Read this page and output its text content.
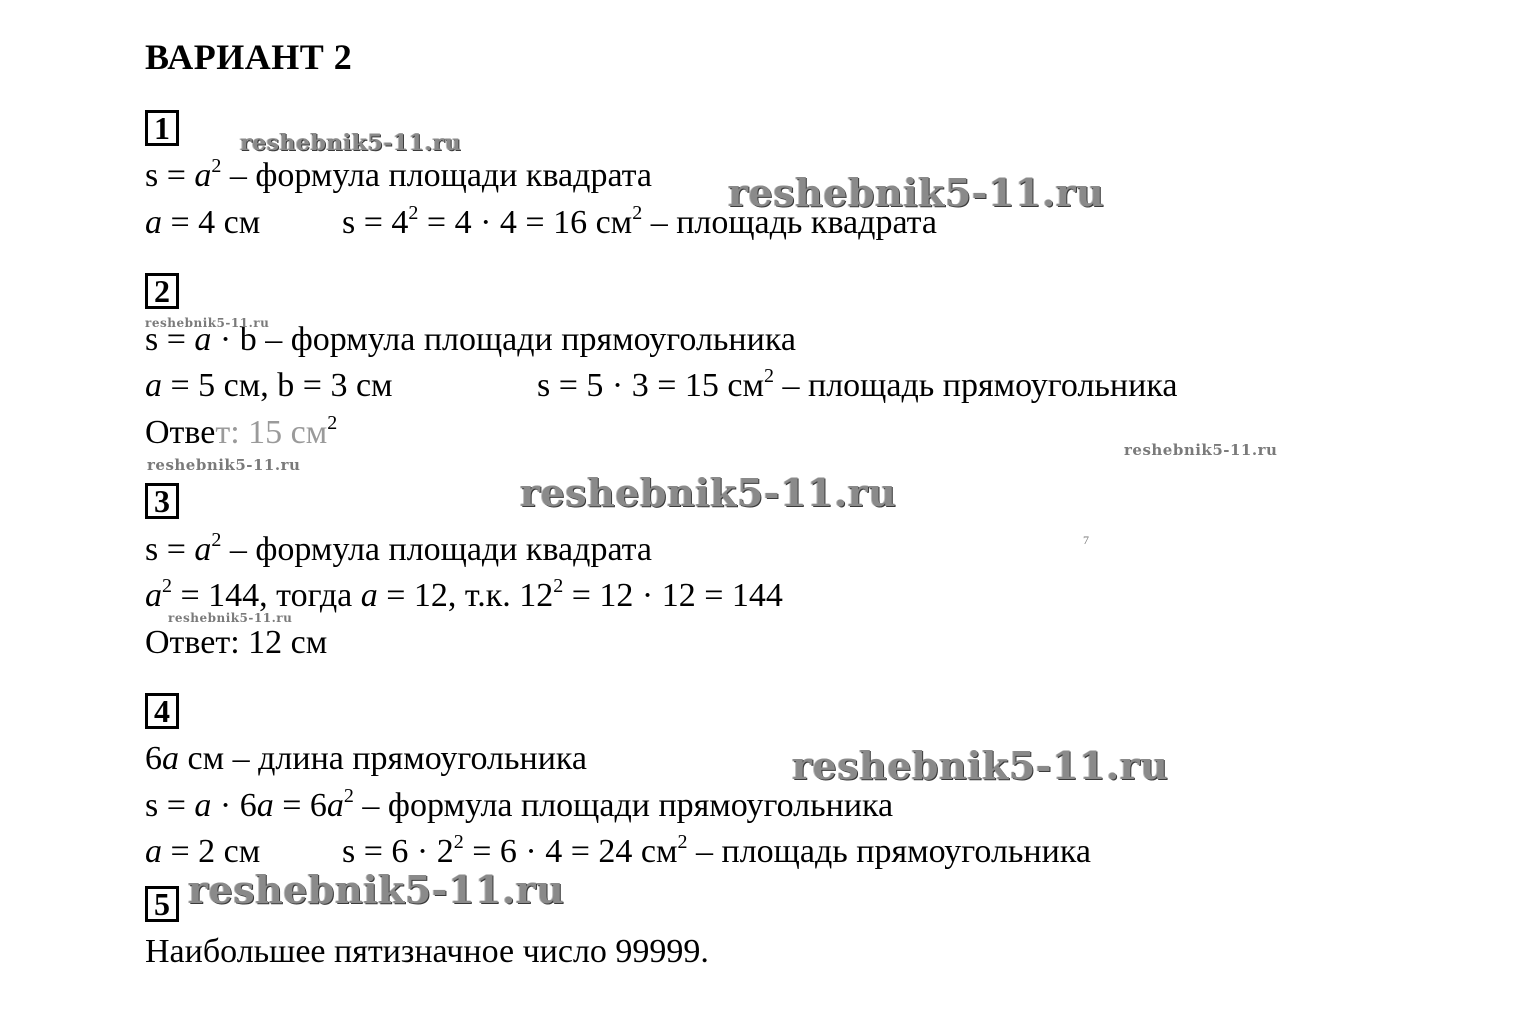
ВАРИАНТ 2
1
$s = a^2$ – формула площади квадрата
a = 4 см $s = 4^2 = 4 \cdot 4 = 16$ $см^2$ – площадь квадрата
2
s = a · b – формула площади прямоугольника
a = 5 см, b = 3 см	s = 5 · 3 = 15 $см^2$ – площадь прямоугольника
Ответ: 15 $см^2$
3
$s = a^2$ – формула площади квадрата
$a^2 = 144$, тогда a = 12, т.к. $12^2 = 12 \cdot 12 = 144$
Ответ: 12 см
4
6a см – длина прямоугольника
$s = a \cdot 6a = 6a^2$ – формула площади прямоугольника
a = 2 см $s = 6 \cdot 2^2 = 6 \cdot 4 = 24$ $см^2$ – площадь прямоугольника
5
Наибольшее пятизначное число 99999.
reshebnik5-11.ru
reshebnik5-11.ru
reshebnik5-11.ru
reshebnik5-11.ru
reshebnik5-11.ru
reshebnik5-11.ru
reshebnik5-11.ru
reshebnik5-11.ru
reshebnik5-11.ru
7
